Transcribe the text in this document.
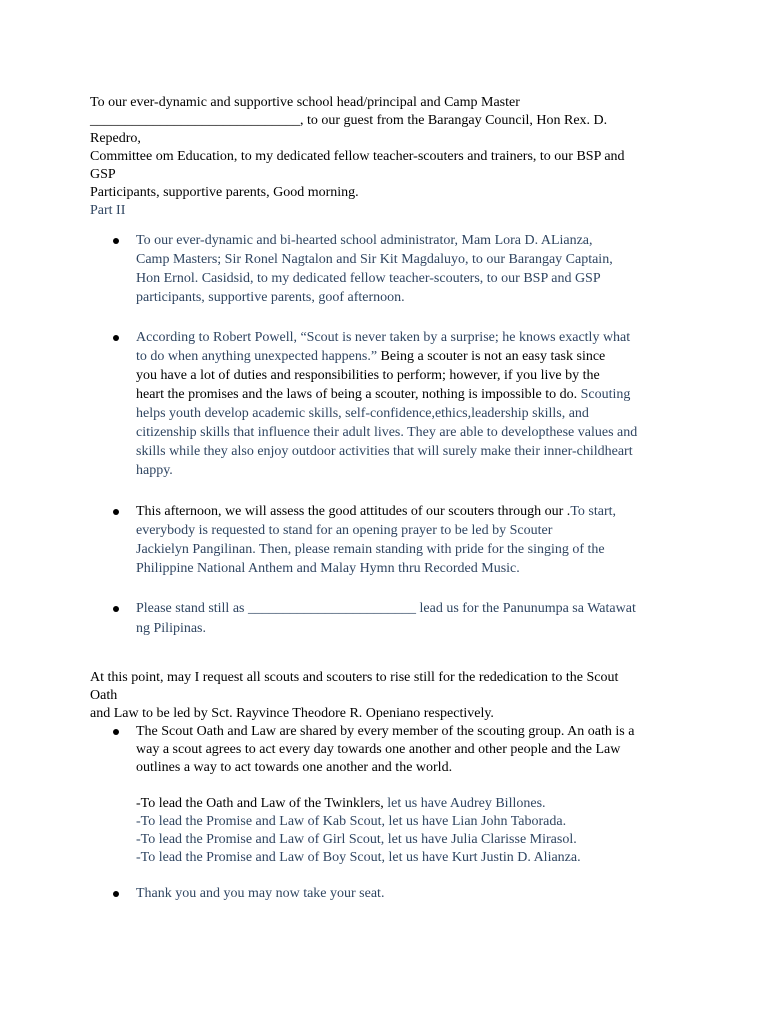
To our ever-dynamic and supportive school head/principal and Camp Master
______________________________, to our guest from the Barangay Council, Hon Rex. D.
Repedro,
Committee om Education, to my dedicated fellow teacher-scouters and trainers, to our BSP and
GSP
Participants, supportive parents, Good morning.
Part II
To our ever-dynamic and bi-hearted school administrator, Mam Lora D. ALianza,
Camp Masters; Sir Ronel Nagtalon and Sir Kit Magdaluyo, to our Barangay Captain,
Hon Ernol. Casidsid, to my dedicated fellow teacher-scouters, to our BSP and GSP
participants, supportive parents, goof afternoon.
According to Robert Powell, “Scout is never taken by a surprise; he knows exactly what
to do when anything unexpected happens.” Being a scouter is not an easy task since
you have a lot of duties and responsibilities to perform; however, if you live by the
heart the promises and the laws of being a scouter, nothing is impossible to do. Scouting
helps youth develop academic skills, self-confidence,ethics,leadership skills, and
citizenship skills that influence their adult lives. They are able to developthese values and
skills while they also enjoy outdoor activities that will surely make their inner-childheart
happy.
This afternoon, we will assess the good attitudes of our scouters through our .To start,
everybody is requested to stand for an opening prayer to be led by Scouter
Jackielyn Pangilinan. Then, please remain standing with pride for the singing of the
Philippine National Anthem and Malay Hymn thru Recorded Music.
Please stand still as ________________________ lead us for the Panunumpa sa Watawat
ng Pilipinas.
At this point, may I request all scouts and scouters to rise still for the rededication to the Scout
Oath
and Law to be led by Sct. Rayvince Theodore R. Openiano respectively.
The Scout Oath and Law are shared by every member of the scouting group. An oath is a
way a scout agrees to act every day towards one another and other people and the Law
outlines a way to act towards one another and the world.
-To lead the Oath and Law of the Twinklers, let us have Audrey Billones.
-To lead the Promise and Law of Kab Scout, let us have Lian John Taborada.
-To lead the Promise and Law of Girl Scout, let us have Julia Clarisse Mirasol.
-To lead the Promise and Law of Boy Scout, let us have Kurt Justin D. Alianza.
Thank you and you may now take your seat.
